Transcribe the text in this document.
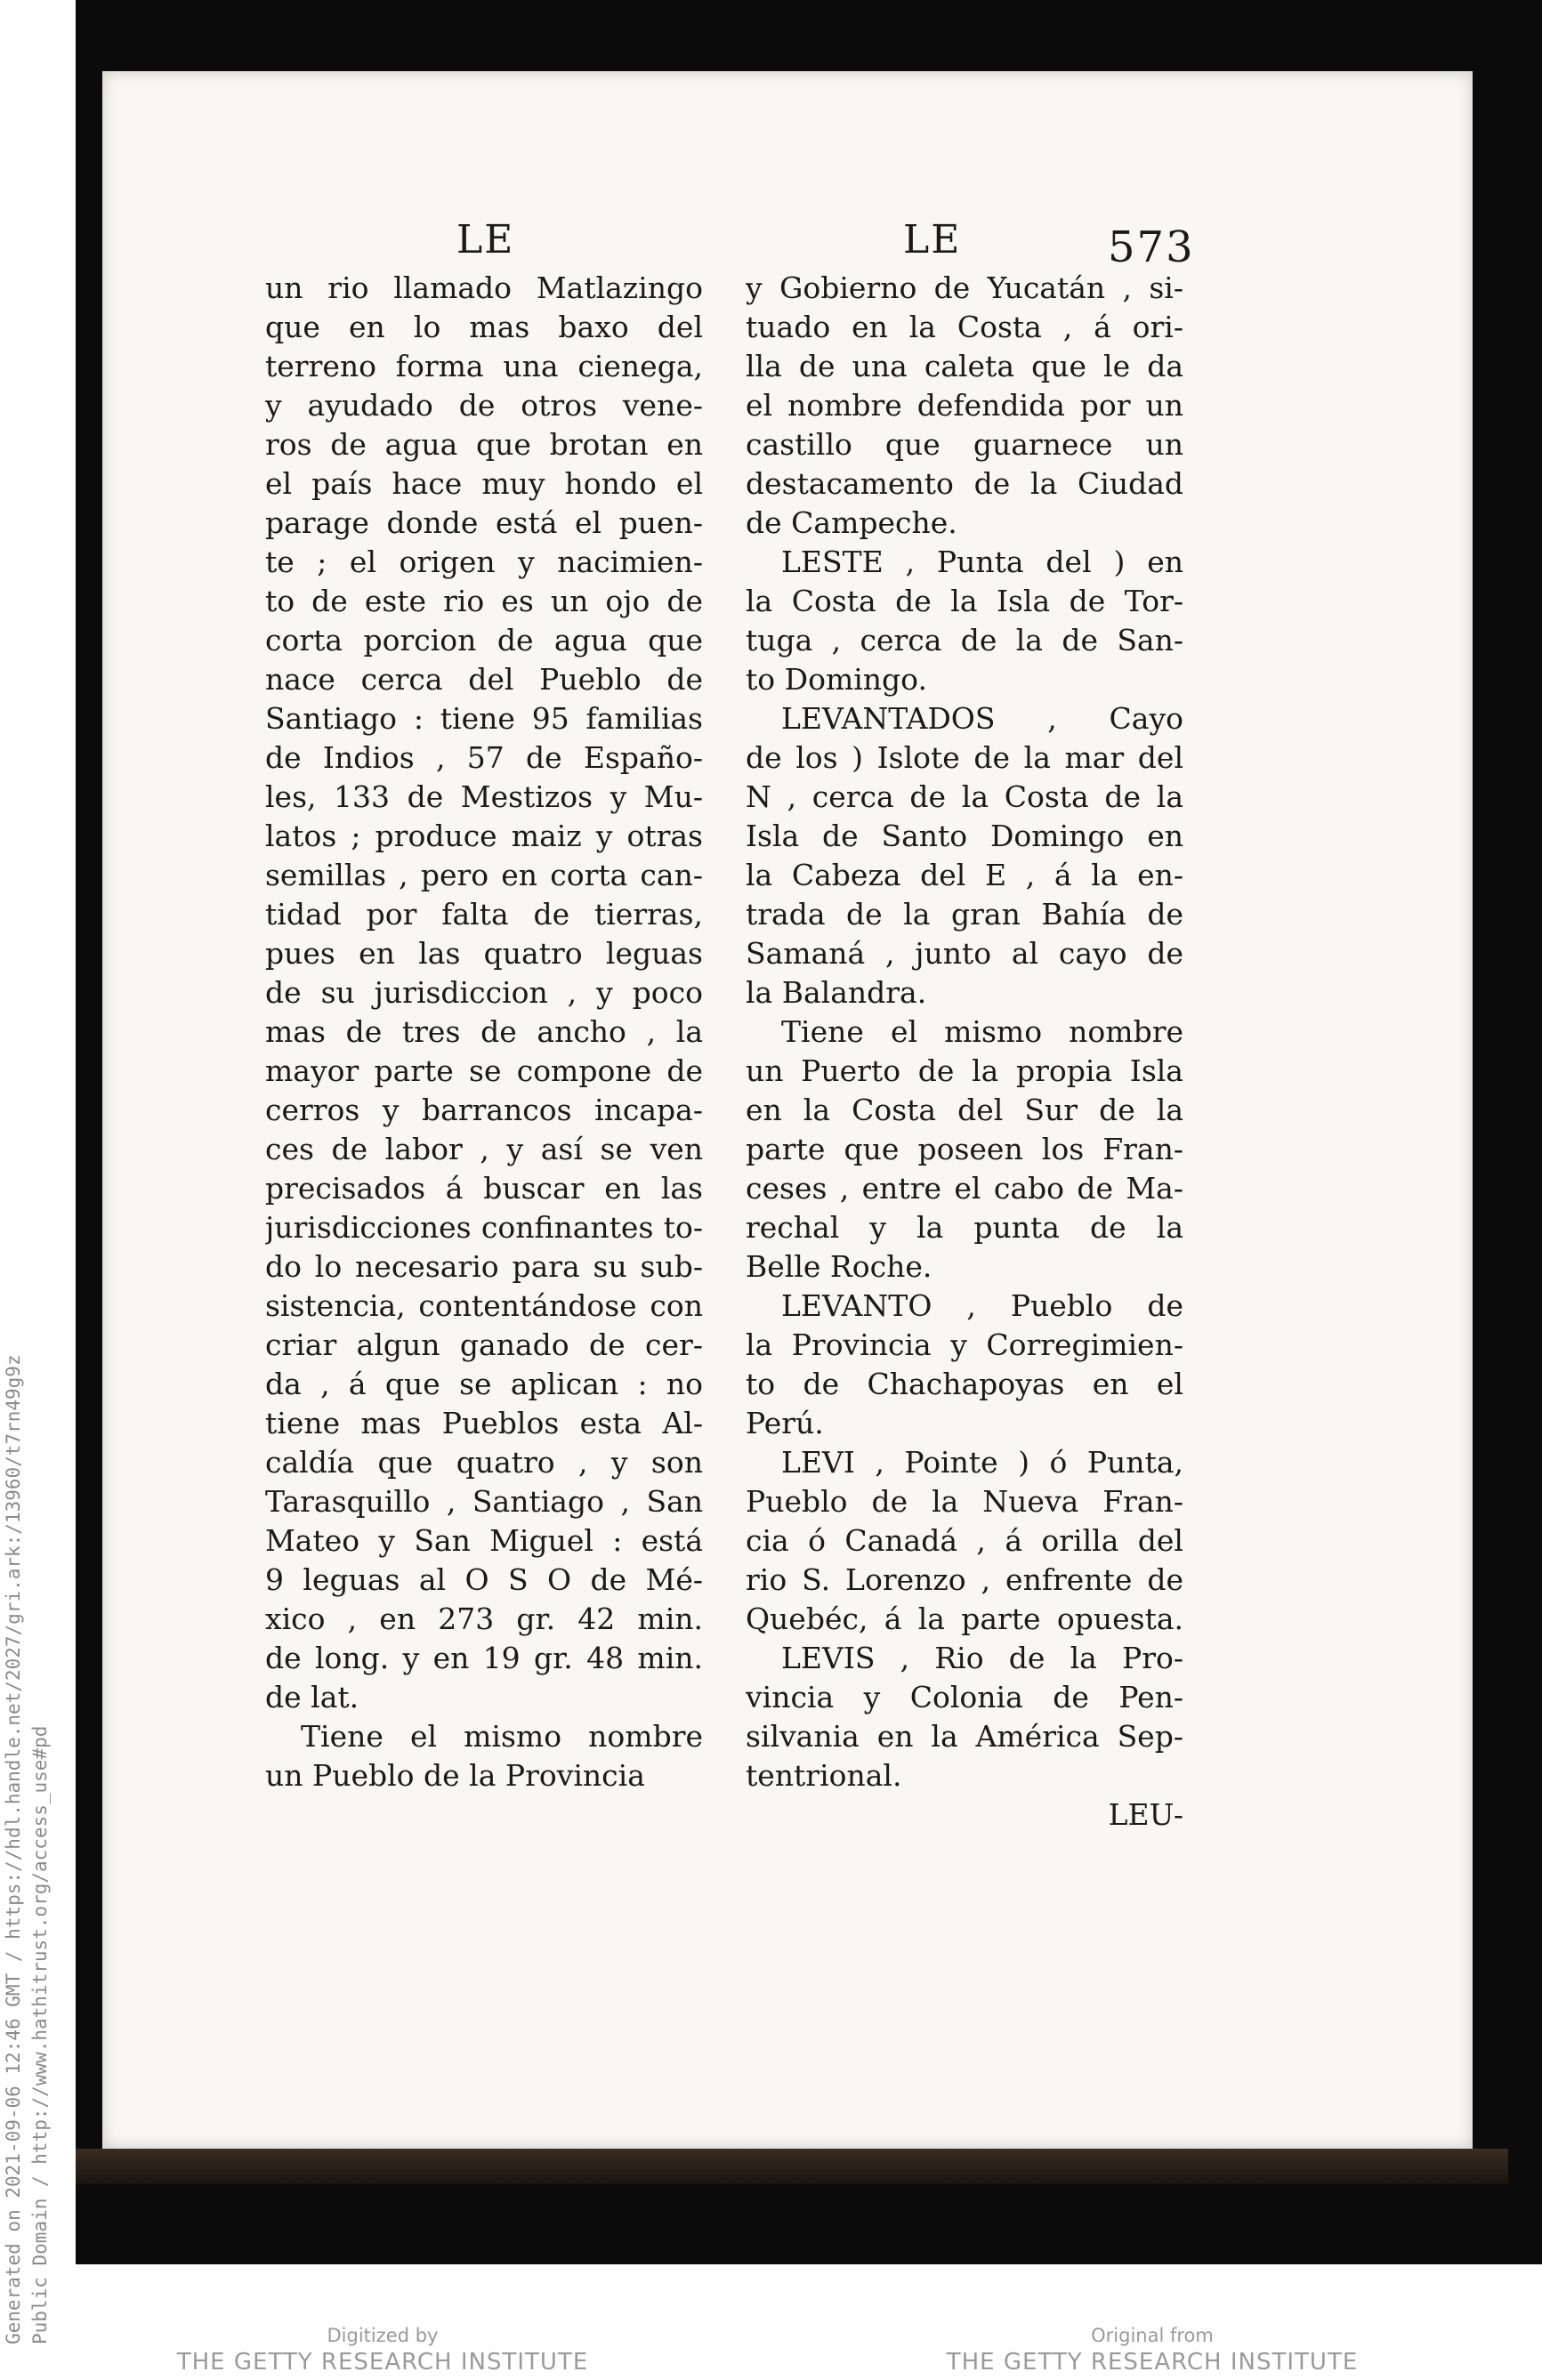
LE	LE	573
un rio llamado Matlazingo
que en lo mas baxo del
terreno forma una cienega,
y ayudado de otros vene-
ros de agua que brotan en
el país hace muy hondo el
parage donde está el puen-
te ; el origen y nacimien-
to de este rio es un ojo de
corta porcion de agua que
nace cerca del Pueblo de
Santiago : tiene 95 familias
de Indios , 57 de Españo-
les, 133 de Mestizos y Mu-
latos ; produce maiz y otras
semillas , pero en corta can-
tidad por falta de tierras,
pues en las quatro leguas
de su jurisdiccion , y poco
mas de tres de ancho , la
mayor parte se compone de
cerros y barrancos incapa-
ces de labor , y así se ven
precisados á buscar en las
jurisdicciones confinantes to-
do lo necesario para su sub-
sistencia, contentándose con
criar algun ganado de cer-
da , á que se aplican : no
tiene mas Pueblos esta Al-
caldía que quatro , y son
Tarasquillo , Santiago , San
Mateo y San Miguel : está
9 leguas al O S O de Mé-
xico , en 273 gr. 42 min.
de long. y en 19 gr. 48 min.
de lat.
Tiene el mismo nombre
un Pueblo de la Provincia
y Gobierno de Yucatán , si-
tuado en la Costa , á ori-
lla de una caleta que le da
el nombre defendida por un
castillo que guarnece un
destacamento de la Ciudad
de Campeche.
LESTE , Punta del ) en
la Costa de la Isla de Tor-
tuga , cerca de la de San-
to Domingo.
LEVANTADOS , Cayo
de los ) Islote de la mar del
N , cerca de la Costa de la
Isla de Santo Domingo en
la Cabeza del E , á la en-
trada de la gran Bahía de
Samaná , junto al cayo de
la Balandra.
Tiene el mismo nombre
un Puerto de la propia Isla
en la Costa del Sur de la
parte que poseen los Fran-
ceses , entre el cabo de Ma-
rechal y la punta de la
Belle Roche.
LEVANTO , Pueblo de
la Provincia y Corregimien-
to de Chachapoyas en el
Perú.
LEVI , Pointe ) ó Punta,
Pueblo de la Nueva Fran-
cia ó Canadá , á orilla del
rio S. Lorenzo , enfrente de
Quebéc, á la parte opuesta.
LEVIS , Rio de la Pro-
vincia y Colonia de Pen-
silvania en la América Sep-
tentrional.
LEU-
Generated on 2021-09-06 12:46 GMT / https://hdl.handle.net/2027/gri.ark:/13960/t7rn49g9z Public Domain / http://www.hathitrust.org/access_use#pd	Digitized by
THE GETTY RESEARCH INSTITUTE
Original from
THE GETTY RESEARCH INSTITUTE
